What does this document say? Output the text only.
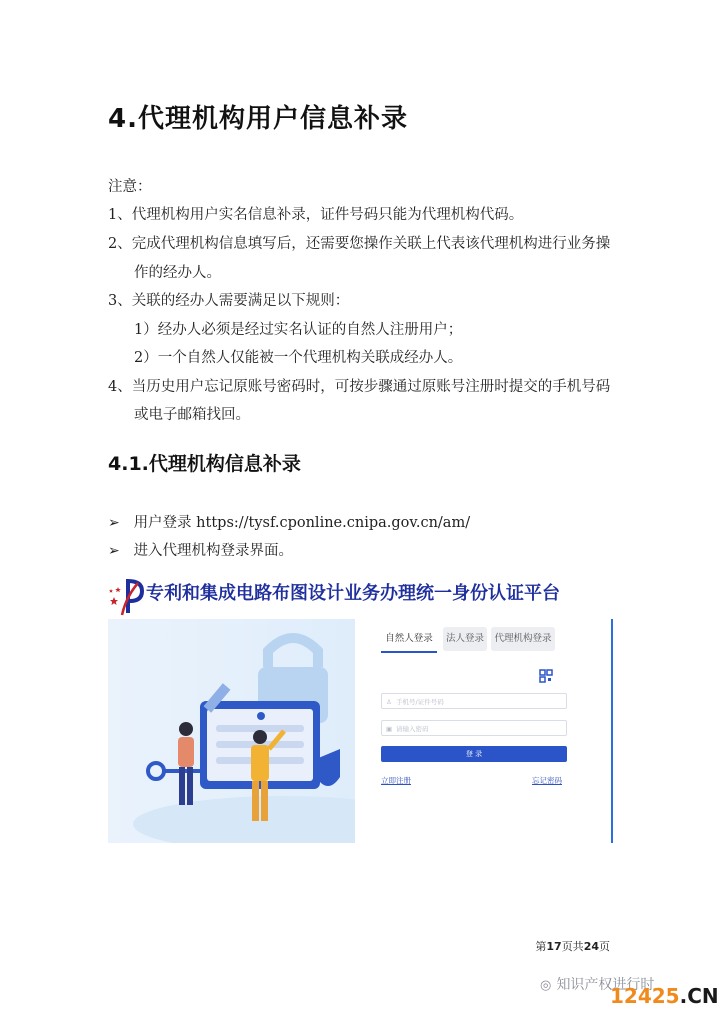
4.代理机构用户信息补录
注意：
1、代理机构用户实名信息补录，证件号码只能为代理机构代码。
2、完成代理机构信息填写后，还需要您操作关联上代表该代理机构进行业务操
作的经办人。
3、关联的经办人需要满足以下规则：
1）经办人必须是经过实名认证的自然人注册用户；
2）一个自然人仅能被一个代理机构关联成经办人。
4、当历史用户忘记原账号密码时，可按步骤通过原账号注册时提交的手机号码
或电子邮箱找回。
4.1.代理机构信息补录
➢ 用户登录 https://tysf.cponline.cnipa.gov.cn/am/
➢ 进入代理机构登录界面。
专利和集成电路布图设计业务办理统一身份认证平台
自然人登录	法人登录	代理机构登录
♙ 手机号/证件号码
▣ 请输入密码
登 录
立即注册	忘记密码
第17页共24页
◎ 知识产权进行时
12425.CN
